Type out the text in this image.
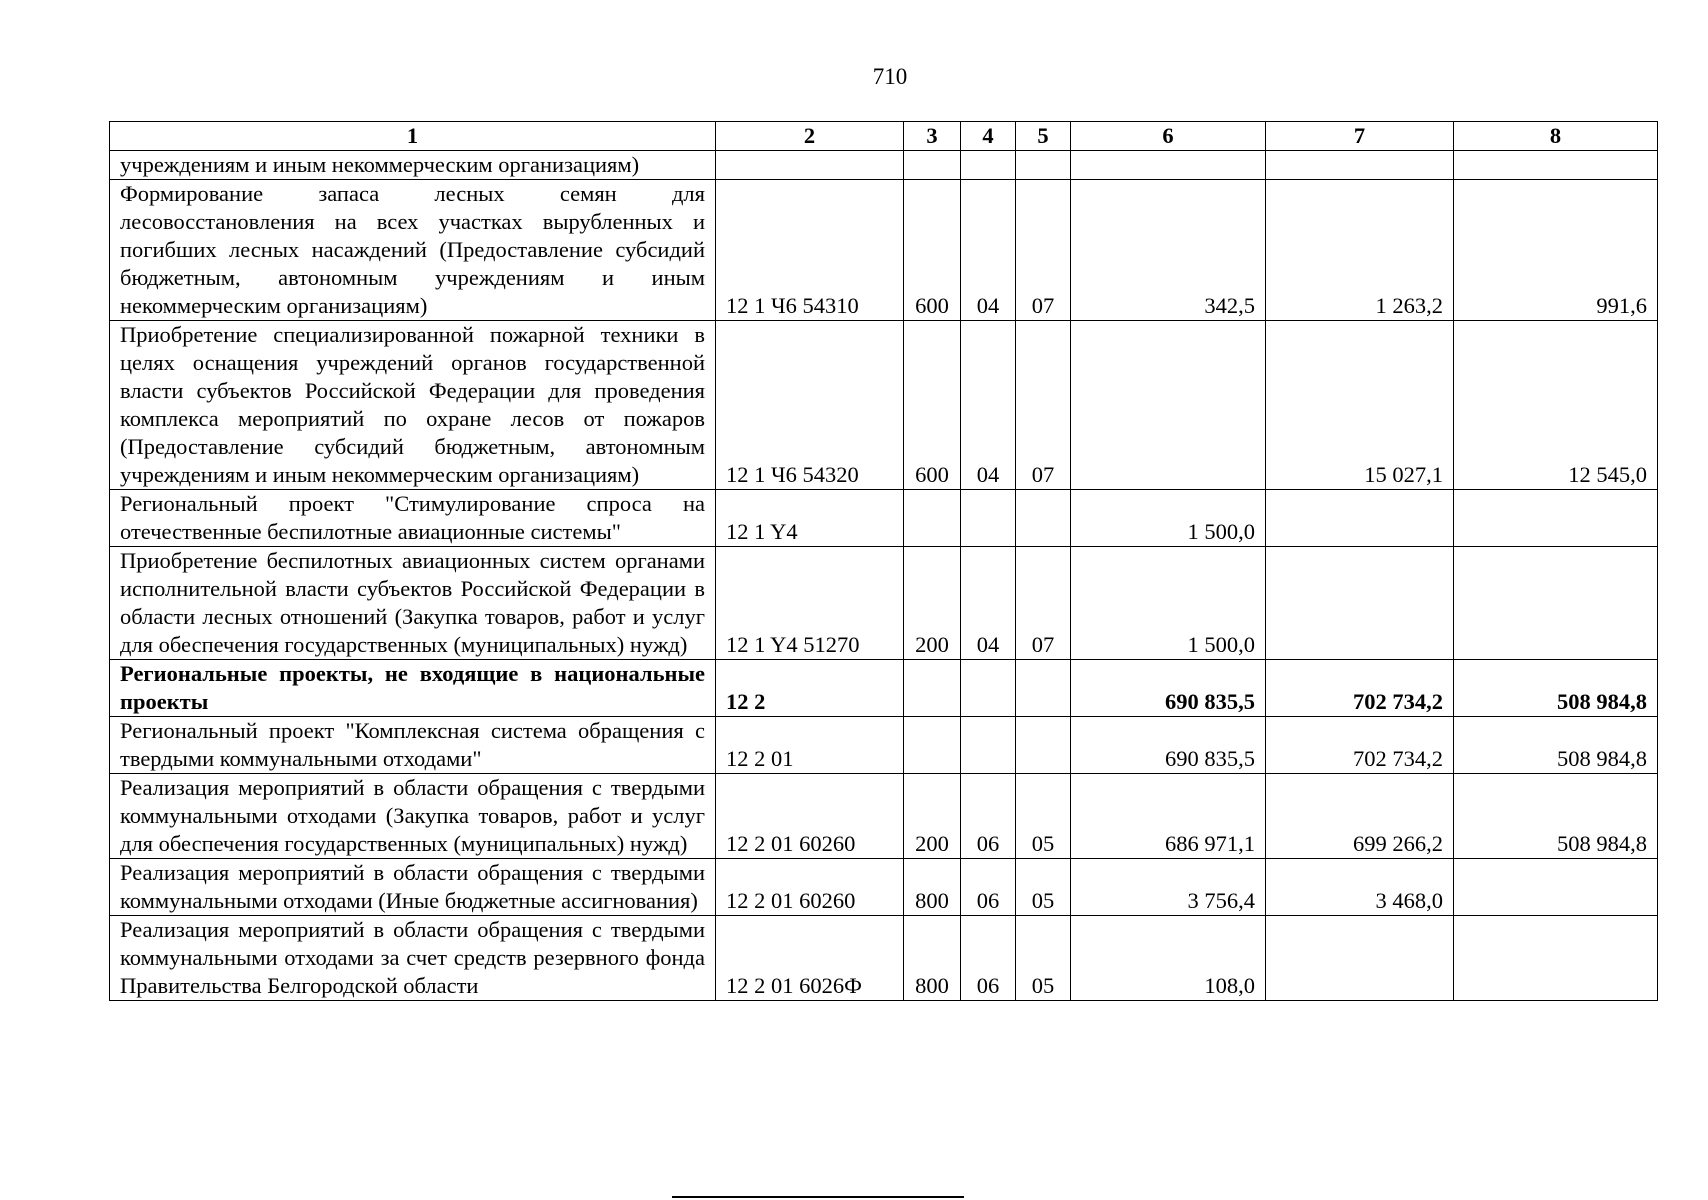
710
1	2	3	4	5	6	7	8
учреждениям и иным некоммерческим организациям)							
Формирование запаса лесных семян для лесовосстановления на всех участках вырубленных и погибших лесных насаждений (Предоставление субсидий бюджетным, автономным учреждениям и иным некоммерческим организациям)	12 1 Ч6 54310	600	04	07	342,5	1 263,2	991,6
Приобретение специализированной пожарной техники в целях оснащения учреждений органов государственной власти субъектов Российской Федерации для проведения комплекса мероприятий по охране лесов от пожаров (Предоставление субсидий бюджетным, автономным учреждениям и иным некоммерческим организациям)	12 1 Ч6 54320	600	04	07		15 027,1	12 545,0
Региональный проект "Стимулирование спроса на отечественные беспилотные авиационные системы"	12 1 Y4				1 500,0		
Приобретение беспилотных авиационных систем органами исполнительной власти субъектов Российской Федерации в области лесных отношений (Закупка товаров, работ и услуг для обеспечения государственных (муниципальных) нужд)	12 1 Y4 51270	200	04	07	1 500,0		
Региональные проекты, не входящие в национальные проекты	12 2				690 835,5	702 734,2	508 984,8
Региональный проект "Комплексная система обращения с твердыми коммунальными отходами"	12 2 01				690 835,5	702 734,2	508 984,8
Реализация мероприятий в области обращения с твердыми коммунальными отходами (Закупка товаров, работ и услуг для обеспечения государственных (муниципальных) нужд)	12 2 01 60260	200	06	05	686 971,1	699 266,2	508 984,8
Реализация мероприятий в области обращения с твердыми коммунальными отходами (Иные бюджетные ассигнования)	12 2 01 60260	800	06	05	3 756,4	3 468,0	
Реализация мероприятий в области обращения с твердыми коммунальными отходами за счет средств резервного фонда Правительства Белгородской области	12 2 01 6026Ф	800	06	05	108,0		
